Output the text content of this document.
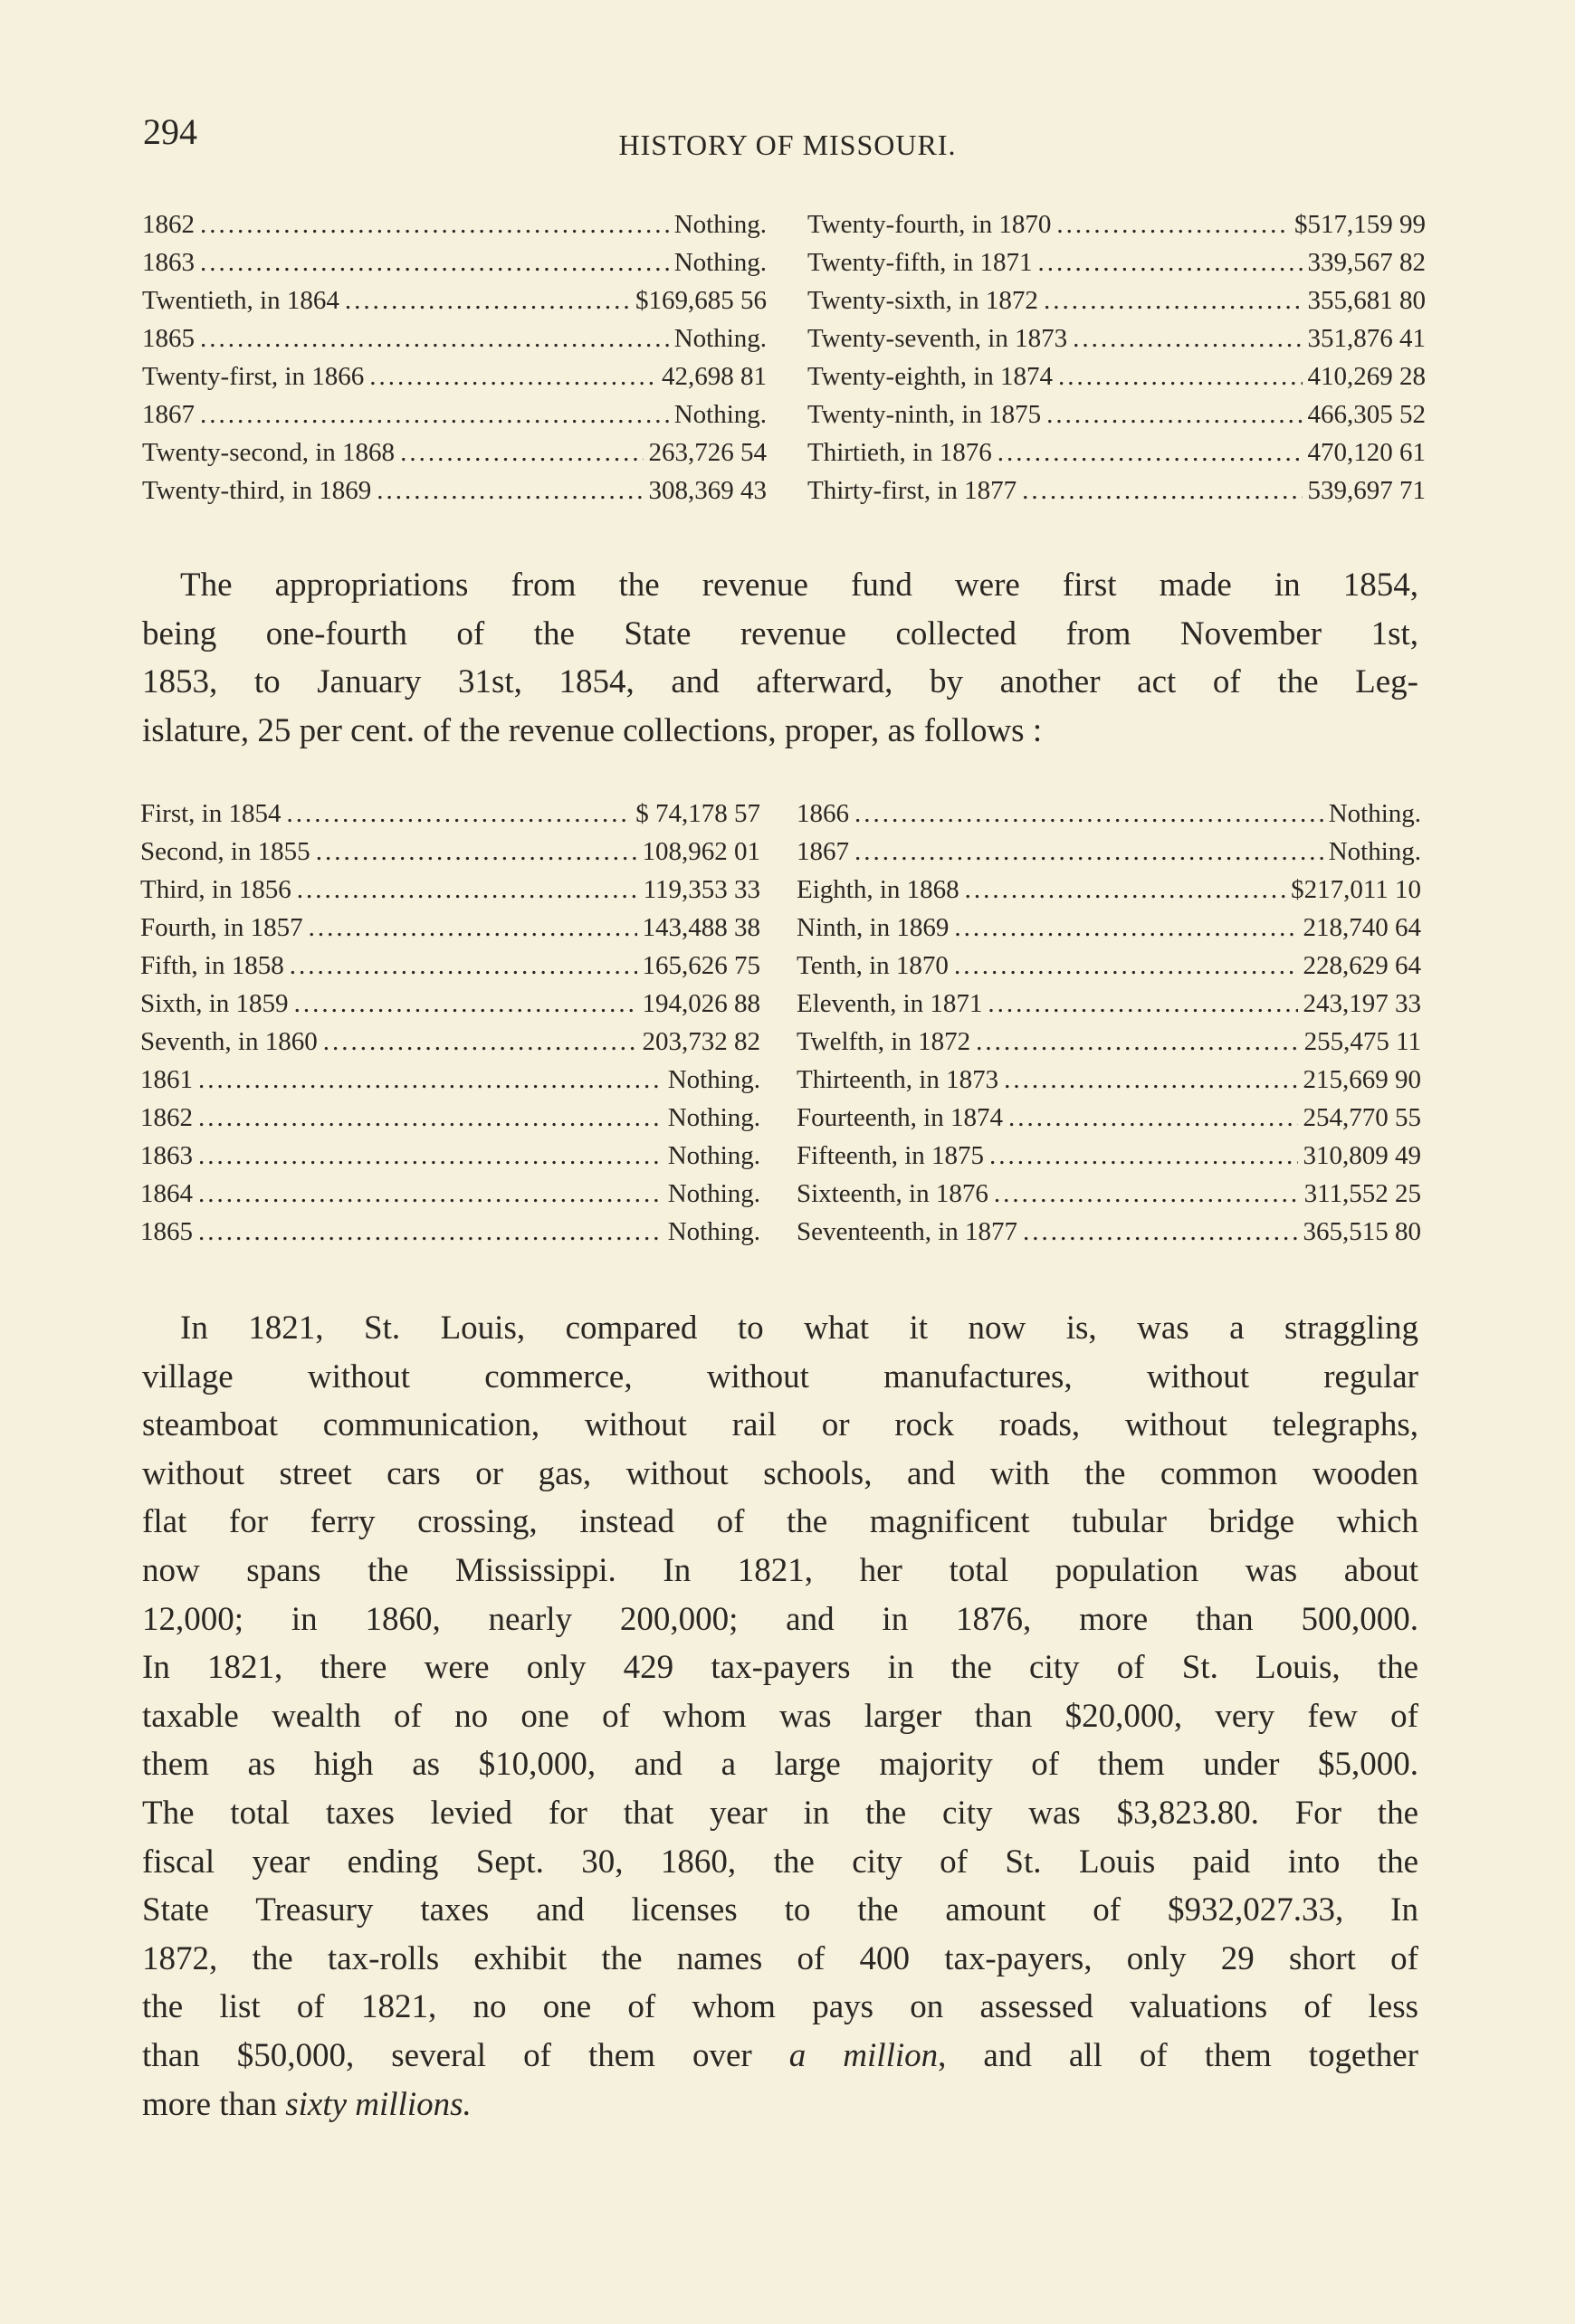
294	HISTORY OF MISSOURI.
1862 .....	Nothing.
1863 .....	Nothing.
Twentieth, in 1864 .....	$169,685 56
1865 .....	Nothing.
Twenty-first, in 1866 .....	42,698 81
1867 .....	Nothing.
Twenty-second, in 1868 .....	263,726 54
Twenty-third, in 1869 .....	308,369 43
Twenty-fourth, in 1870 .....	$517,159 99
Twenty-fifth, in 1871 .....	339,567 82
Twenty-sixth, in 1872 .....	355,681 80
Twenty-seventh, in 1873 .....	351,876 41
Twenty-eighth, in 1874 .....	410,269 28
Twenty-ninth, in 1875 .....	466,305 52
Thirtieth, in 1876 .....	470,120 61
Thirty-first, in 1877 .....	539,697 71
The appropriations from the revenue fund were first made in 1854,
being one-fourth of the State revenue collected from November 1st,
1853, to January 31st, 1854, and afterward, by another act of the Leg-
islature, 25 per cent. of the revenue collections, proper, as follows :
First, in 1854 .....	$ 74,178 57
Second, in 1855 .....	108,962 01
Third, in 1856 .....	119,353 33
Fourth, in 1857 .....	143,488 38
Fifth, in 1858 .....	165,626 75
Sixth, in 1859 .....	194,026 88
Seventh, in 1860 .....	203,732 82
1861 .....	Nothing.
1862 .....	Nothing.
1863 .....	Nothing.
1864 .....	Nothing.
1865 .....	Nothing.
1866 .....	Nothing.
1867 .....	Nothing.
Eighth, in 1868 .....	$217,011 10
Ninth, in 1869 .....	218,740 64
Tenth, in 1870 .....	228,629 64
Eleventh, in 1871 .....	243,197 33
Twelfth, in 1872 .....	255,475 11
Thirteenth, in 1873 .....	215,669 90
Fourteenth, in 1874 .....	254,770 55
Fifteenth, in 1875 .....	310,809 49
Sixteenth, in 1876 .....	311,552 25
Seventeenth, in 1877 .....	365,515 80
In 1821, St. Louis, compared to what it now is, was a straggling
village without commerce, without manufactures, without regular
steamboat communication, without rail or rock roads, without telegraphs,
without street cars or gas, without schools, and with the common wooden
flat for ferry crossing, instead of the magnificent tubular bridge which
now spans the Mississippi. In 1821, her total population was about
12,000; in 1860, nearly 200,000; and in 1876, more than 500,000.
In 1821, there were only 429 tax-payers in the city of St. Louis, the
taxable wealth of no one of whom was larger than $20,000, very few of
them as high as $10,000, and a large majority of them under $5,000.
The total taxes levied for that year in the city was $3,823.80. For the
fiscal year ending Sept. 30, 1860, the city of St. Louis paid into the
State Treasury taxes and licenses to the amount of $932,027.33, In
1872, the tax-rolls exhibit the names of 400 tax-payers, only 29 short of
the list of 1821, no one of whom pays on assessed valuations of less
than $50,000, several of them over a million, and all of them together
more than sixty millions.
